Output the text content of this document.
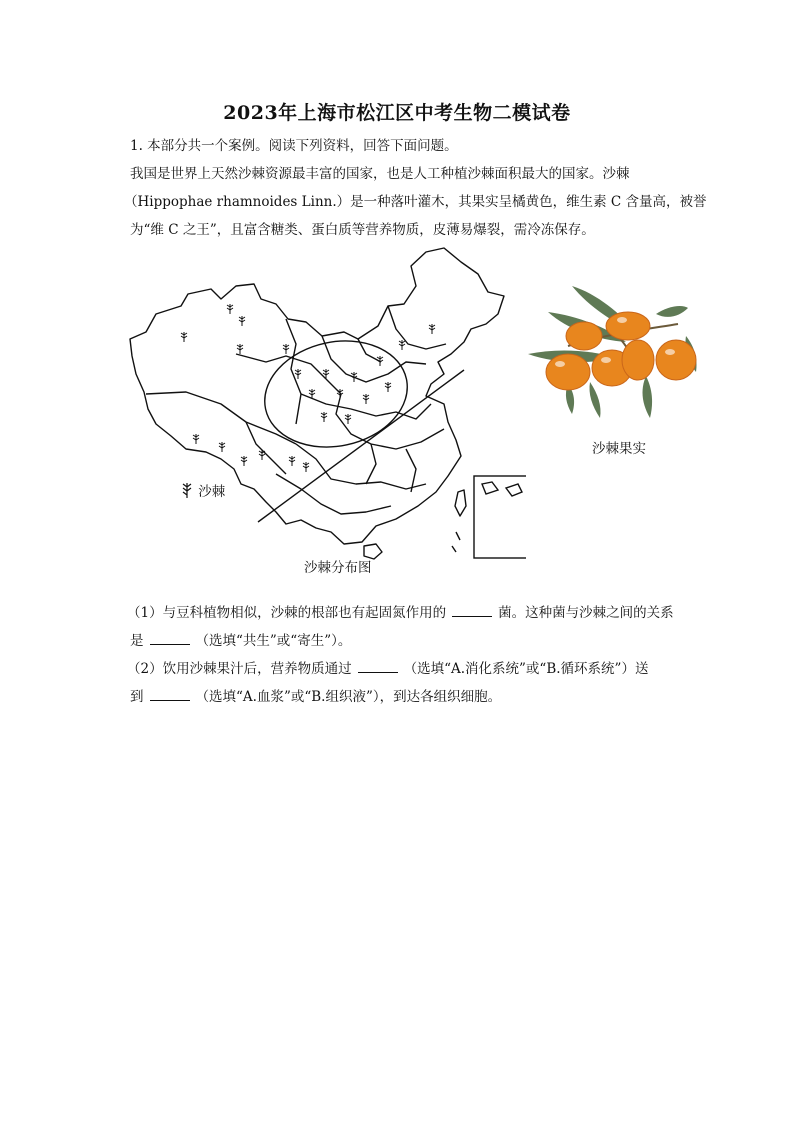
2023年上海市松江区中考生物二模试卷
1. 本部分共一个案例。阅读下列资料，回答下面问题。
我国是世界上天然沙棘资源最丰富的国家，也是人工种植沙棘面积最大的国家。沙棘
（Hippophae rhamnoides Linn.）是一种落叶灌木，其果实呈橘黄色，维生素 C 含量高，被誉
为“维 C 之王”，且富含糖类、蛋白质等营养物质，皮薄易爆裂，需冷冻保存。
沙棘
沙棘分布图
沙棘果实
（1）与豆科植物相似，沙棘的根部也有起固氮作用的	菌。这种菌与沙棘之间的关系
是	（选填“共生”或“寄生”）。
（2）饮用沙棘果汁后，营养物质通过	（选填“A.消化系统”或“B.循环系统”）送
到	（选填“A.血浆”或“B.组织液”），到达各组织细胞。
